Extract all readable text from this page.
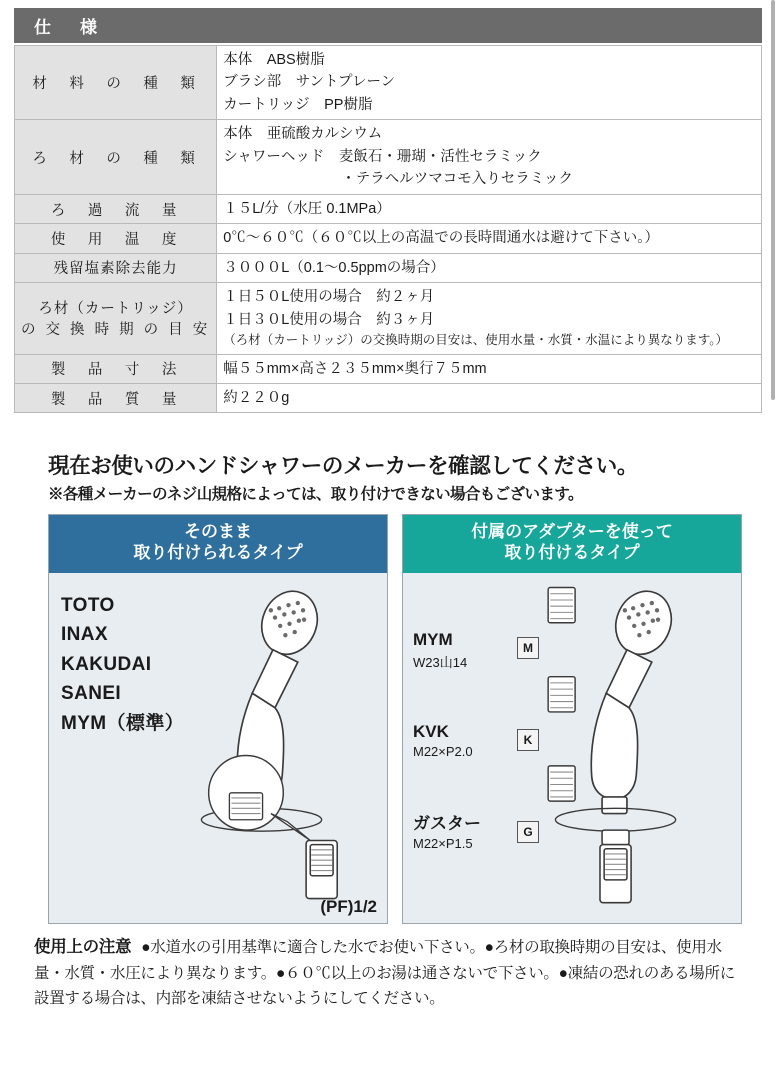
仕　様
材　料　の　種　類	本体　ABS樹脂
ブラシ部　サントプレーン
カートリッジ　PP樹脂

ろ　材　の　種　類	本体　亜硫酸カルシウム
シャワーヘッド　麦飯石・珊瑚・活性セラミック
・テラヘルツマコモ入りセラミック

ろ　過　流　量	１５L/分（水圧 0.1MPa）

使　用　温　度	0℃～６０℃（６０℃以上の高温での長時間通水は避けて下さい。）

残留塩素除去能力	３０００L（0.1～0.5ppmの場合）

ろ材（カートリッジ）
の 交 換 時 期 の 目 安	１日５０L使用の場合　約２ヶ月
１日３０L使用の場合　約３ヶ月
（ろ材（カートリッジ）の交換時期の目安は、使用水量・水質・水温により異なります。）

製　品　寸　法	幅５５mm×高さ２３５mm×奥行７５mm

製　品　質　量	約２２０g
現在お使いのハンドシャワーのメーカーを確認してください。

※各種メーカーのネジ山規格によっては、取り付けできない場合もございます。

そのまま
取り付けられるタイプ
TOTO
INAX
KAKUDAI
SANEI
MYM（標準）
(PF)1/2
付属のアダプターを使って
取り付けるタイプ
MYM
W23山14
M
KVK
M22×P2.0
K
ガスター
M22×P1.5
G
使用上の注意 ●水道水の引用基準に適合した水でお使い下さい。●ろ材の取換時期の目安は、使用水量・水質・水圧により異なります。●６０℃以上のお湯は通さないで下さい。●凍結の恐れのある場所に設置する場合は、内部を凍結させないようにしてください。
